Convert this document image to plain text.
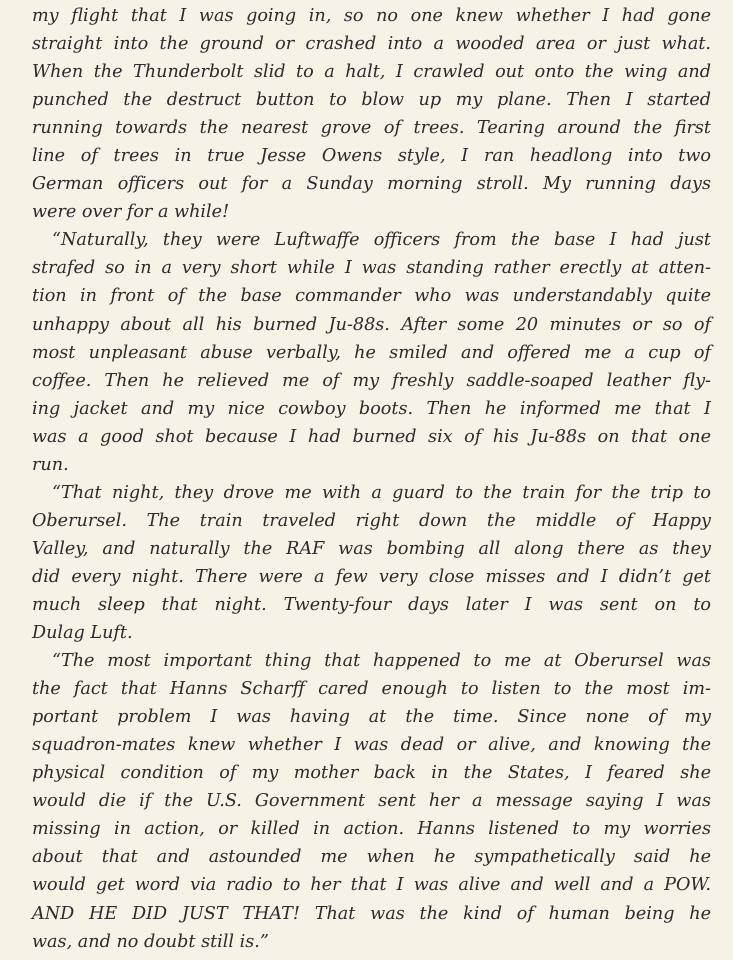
my flight that I was going in, so no one knew whether I had gone
straight into the ground or crashed into a wooded area or just what.
When the Thunderbolt slid to a halt, I crawled out onto the wing and
punched the destruct button to blow up my plane. Then I started
running towards the nearest grove of trees. Tearing around the first
line of trees in true Jesse Owens style, I ran headlong into two
German officers out for a Sunday morning stroll. My running days
were over for a while!
“Naturally, they were Luftwaffe officers from the base I had just
strafed so in a very short while I was standing rather erectly at atten-
tion in front of the base commander who was understandably quite
unhappy about all his burned Ju-88s. After some 20 minutes or so of
most unpleasant abuse verbally, he smiled and offered me a cup of
coffee. Then he relieved me of my freshly saddle-soaped leather fly-
ing jacket and my nice cowboy boots. Then he informed me that I
was a good shot because I had burned six of his Ju-88s on that one
run.
“That night, they drove me with a guard to the train for the trip to
Oberursel. The train traveled right down the middle of Happy
Valley, and naturally the RAF was bombing all along there as they
did every night. There were a few very close misses and I didn’t get
much sleep that night. Twenty-four days later I was sent on to
Dulag Luft.
“The most important thing that happened to me at Oberursel was
the fact that Hanns Scharff cared enough to listen to the most im-
portant problem I was having at the time. Since none of my
squadron-mates knew whether I was dead or alive, and knowing the
physical condition of my mother back in the States, I feared she
would die if the U.S. Government sent her a message saying I was
missing in action, or killed in action. Hanns listened to my worries
about that and astounded me when he sympathetically said he
would get word via radio to her that I was alive and well and a POW.
AND HE DID JUST THAT! That was the kind of human being he
was, and no doubt still is.”
